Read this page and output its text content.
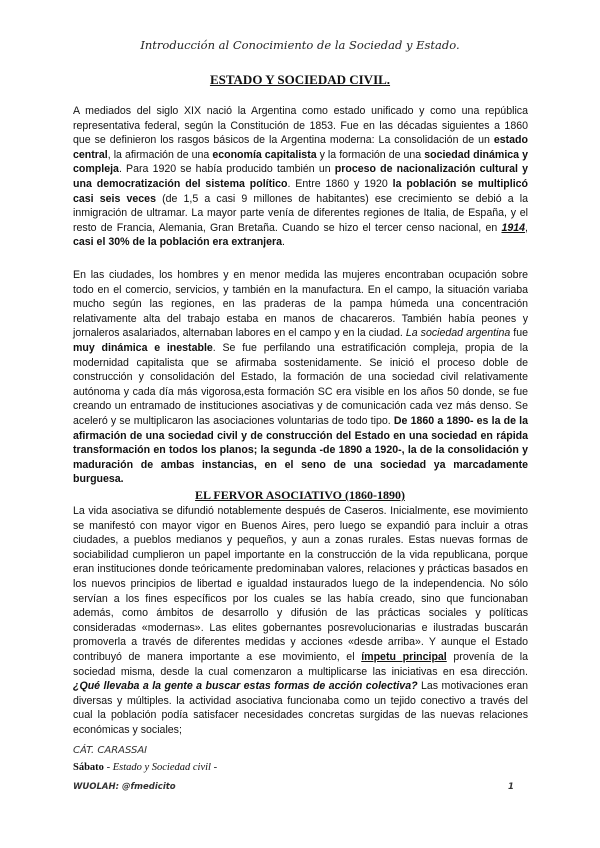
Introducción al Conocimiento de la Sociedad y Estado.
ESTADO Y SOCIEDAD CIVIL.
A mediados del siglo XIX nació la Argentina como estado unificado y como una república representativa federal, según la Constitución de 1853. Fue en las décadas siguientes a 1860 que se definieron los rasgos básicos de la Argentina moderna: La consolidación de un estado central, la afirmación de una economía capitalista y la formación de una sociedad dinámica y compleja. Para 1920 se había producido también un proceso de nacionalización cultural y una democratización del sistema político. Entre 1860 y 1920 la población se multiplicó casi seis veces (de 1,5 a casi 9 millones de habitantes) ese crecimiento se debió a la inmigración de ultramar. La mayor parte venía de diferentes regiones de Italia, de España, y el resto de Francia, Alemania, Gran Bretaña. Cuando se hizo el tercer censo nacional, en 1914, casi el 30% de la población era extranjera.
En las ciudades, los hombres y en menor medida las mujeres encontraban ocupación sobre todo en el comercio, servicios, y también en la manufactura. En el campo, la situación variaba mucho según las regiones, en las praderas de la pampa húmeda una concentración relativamente alta del trabajo estaba en manos de chacareros. También había peones y jornaleros asalariados, alternaban labores en el campo y en la ciudad. La sociedad argentina fue muy dinámica e inestable. Se fue perfilando una estratificación compleja, propia de la modernidad capitalista que se afirmaba sostenidamente. Se inició el proceso doble de construcción y consolidación del Estado, la formación de una sociedad civil relativamente autónoma y cada día más vigorosa,esta formación SC era visible en los años 50 donde, se fue creando un entramado de instituciones asociativas y de comunicación cada vez más denso. Se aceleró y se multiplicaron las asociaciones voluntarias de todo tipo. De 1860 a 1890- es la de la afirmación de una sociedad civil y de construcción del Estado en una sociedad en rápida transformación en todos los planos; la segunda -de 1890 a 1920-, la de la consolidación y maduración de ambas instancias, en el seno de una sociedad ya marcadamente burguesa.
EL FERVOR ASOCIATIVO (1860-1890)
La vida asociativa se difundió notablemente después de Caseros. Inicialmente, ese movimiento se manifestó con mayor vigor en Buenos Aires, pero luego se expandió para incluir a otras ciudades, a pueblos medianos y pequeños, y aun a zonas rurales. Estas nuevas formas de sociabilidad cumplieron un papel importante en la construcción de la vida republicana, porque eran instituciones donde teóricamente predominaban valores, relaciones y prácticas basados en los nuevos principios de libertad e igualdad instaurados luego de la independencia. No sólo servían a los fines específicos por los cuales se las había creado, sino que funcionaban además, como ámbitos de desarrollo y difusión de las prácticas sociales y políticas consideradas «modernas». Las elites gobernantes posrevolucionarias e ilustradas buscarán promoverla a través de diferentes medidas y acciones «desde arriba». Y aunque el Estado contribuyó de manera importante a ese movimiento, el ímpetu principal provenía de la sociedad misma, desde la cual comenzaron a multiplicarse las iniciativas en esa dirección. ¿Qué llevaba a la gente a buscar estas formas de acción colectiva? Las motivaciones eran diversas y múltiples. la actividad asociativa funcionaba como un tejido conectivo a través del cual la población podía satisfacer necesidades concretas surgidas de las nuevas relaciones económicas y sociales;
CÁT. CARASSAI
Sábato - Estado y Sociedad civil -
WUOLAH: @fmedicito	1
